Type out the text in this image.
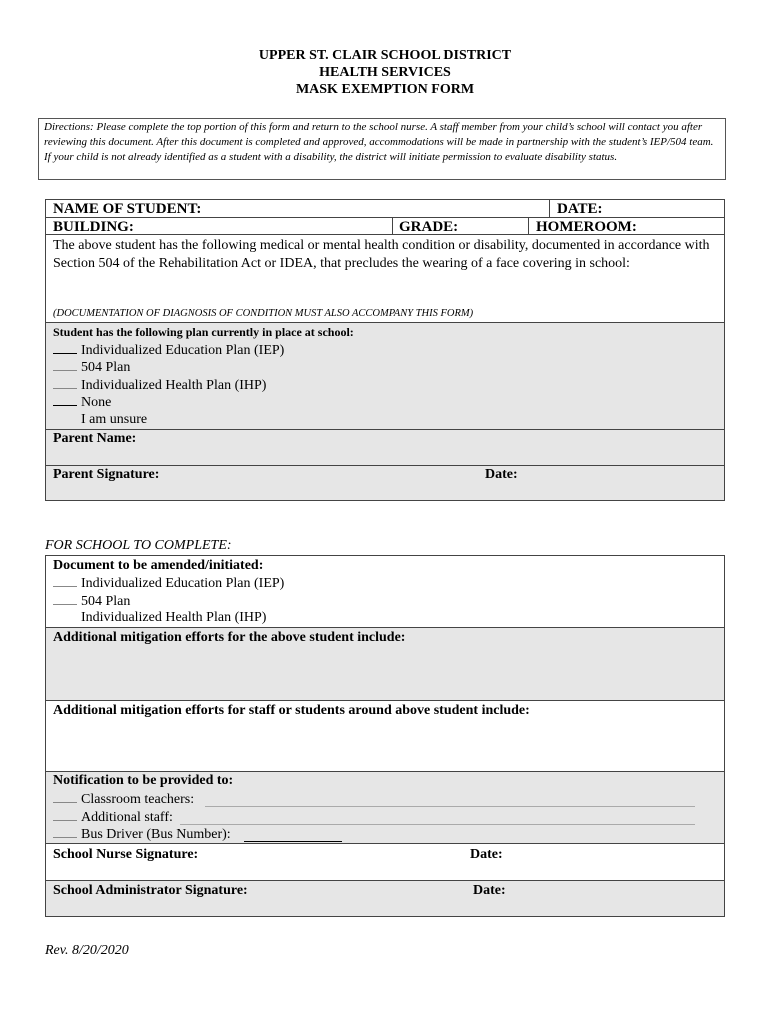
UPPER ST. CLAIR SCHOOL DISTRICT
HEALTH SERVICES
MASK EXEMPTION FORM
Directions: Please complete the top portion of this form and return to the school nurse. A staff member from your child’s school will contact you after reviewing this document. After this document is completed and approved, accommodations will be made in partnership with the student’s IEP/504 team. If your child is not already identified as a student with a disability, the district will initiate permission to evaluate disability status.
NAME OF STUDENT:	DATE:
BUILDING:	GRADE:	HOMEROOM:
The above student has the following medical or mental health condition or disability, documented in accordance with Section 504 of the Rehabilitation Act or IDEA, that precludes the wearing of a face covering in school:
(DOCUMENTATION OF DIAGNOSIS OF CONDITION MUST ALSO ACCOMPANY THIS FORM)
Student has the following plan currently in place at school:
Individualized Education Plan (IEP)
504 Plan
Individualized Health Plan (IHP)
None
I am unsure
Parent Name:
Parent Signature:	Date:
FOR SCHOOL TO COMPLETE:
Document to be amended/initiated:
Individualized Education Plan (IEP)
504 Plan
Individualized Health Plan (IHP)
Additional mitigation efforts for the above student include:
Additional mitigation efforts for staff or students around above student include:
Notification to be provided to:
Classroom teachers:
Additional staff:
Bus Driver (Bus Number):
School Nurse Signature:	Date:
School Administrator Signature:	Date:
Rev. 8/20/2020
